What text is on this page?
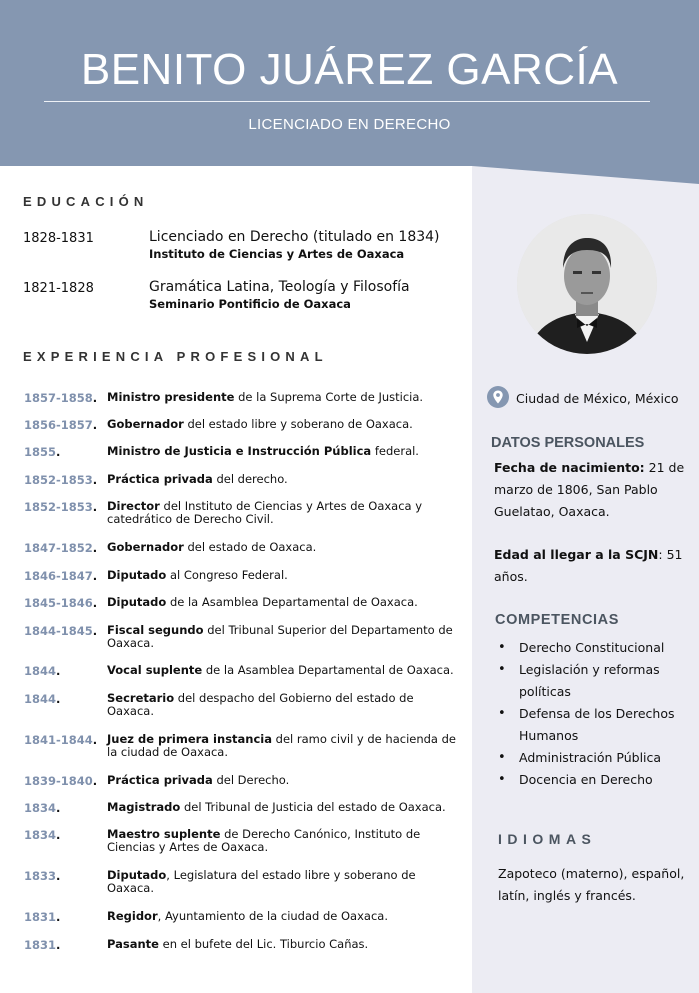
BENITO JUÁREZ GARCÍA
LICENCIADO EN DERECHO
EDUCACIÓN
1828-1831	Licenciado en Derecho (titulado en 1834)
Instituto de Ciencias y Artes de Oaxaca
1821-1828	Gramática Latina, Teología y Filosofía
Seminario Pontificio de Oaxaca
EXPERIENCIA PROFESIONAL
1857-1858. Ministro presidente de la Suprema Corte de Justicia.
1856-1857. Gobernador del estado libre y soberano de Oaxaca.
1855.	Ministro de Justicia e Instrucción Pública federal.
1852-1853. Práctica privada del derecho.
1852-1853. Director del Instituto de Ciencias y Artes de Oaxaca y catedrático de Derecho Civil.
1847-1852. Gobernador del estado de Oaxaca.
1846-1847. Diputado al Congreso Federal.
1845-1846. Diputado de la Asamblea Departamental de Oaxaca.
1844-1845. Fiscal segundo del Tribunal Superior del Departamento de Oaxaca.
1844.	Vocal suplente de la Asamblea Departamental de Oaxaca.
1844.	Secretario del despacho del Gobierno del estado de Oaxaca.
1841-1844. Juez de primera instancia del ramo civil y de hacienda de la ciudad de Oaxaca.
1839-1840. Práctica privada del Derecho.
1834.	Magistrado del Tribunal de Justicia del estado de Oaxaca.
1834.	Maestro suplente de Derecho Canónico, Instituto de Ciencias y Artes de Oaxaca.
1833.	Diputado, Legislatura del estado libre y soberano de Oaxaca.
1831.	Regidor, Ayuntamiento de la ciudad de Oaxaca.
1831.	Pasante en el bufete del Lic. Tiburcio Cañas.
Ciudad de México, México
DATOS PERSONALES
Fecha de nacimiento: 21 de marzo de 1806, San Pablo Guelatao, Oaxaca.
Edad al llegar a la SCJN: 51 años.
COMPETENCIAS
• Derecho Constitucional
• Legislación y reformas políticas
• Defensa de los Derechos Humanos
• Administración Pública
• Docencia en Derecho
IDIOMAS
Zapoteco (materno), español, latín, inglés y francés.
